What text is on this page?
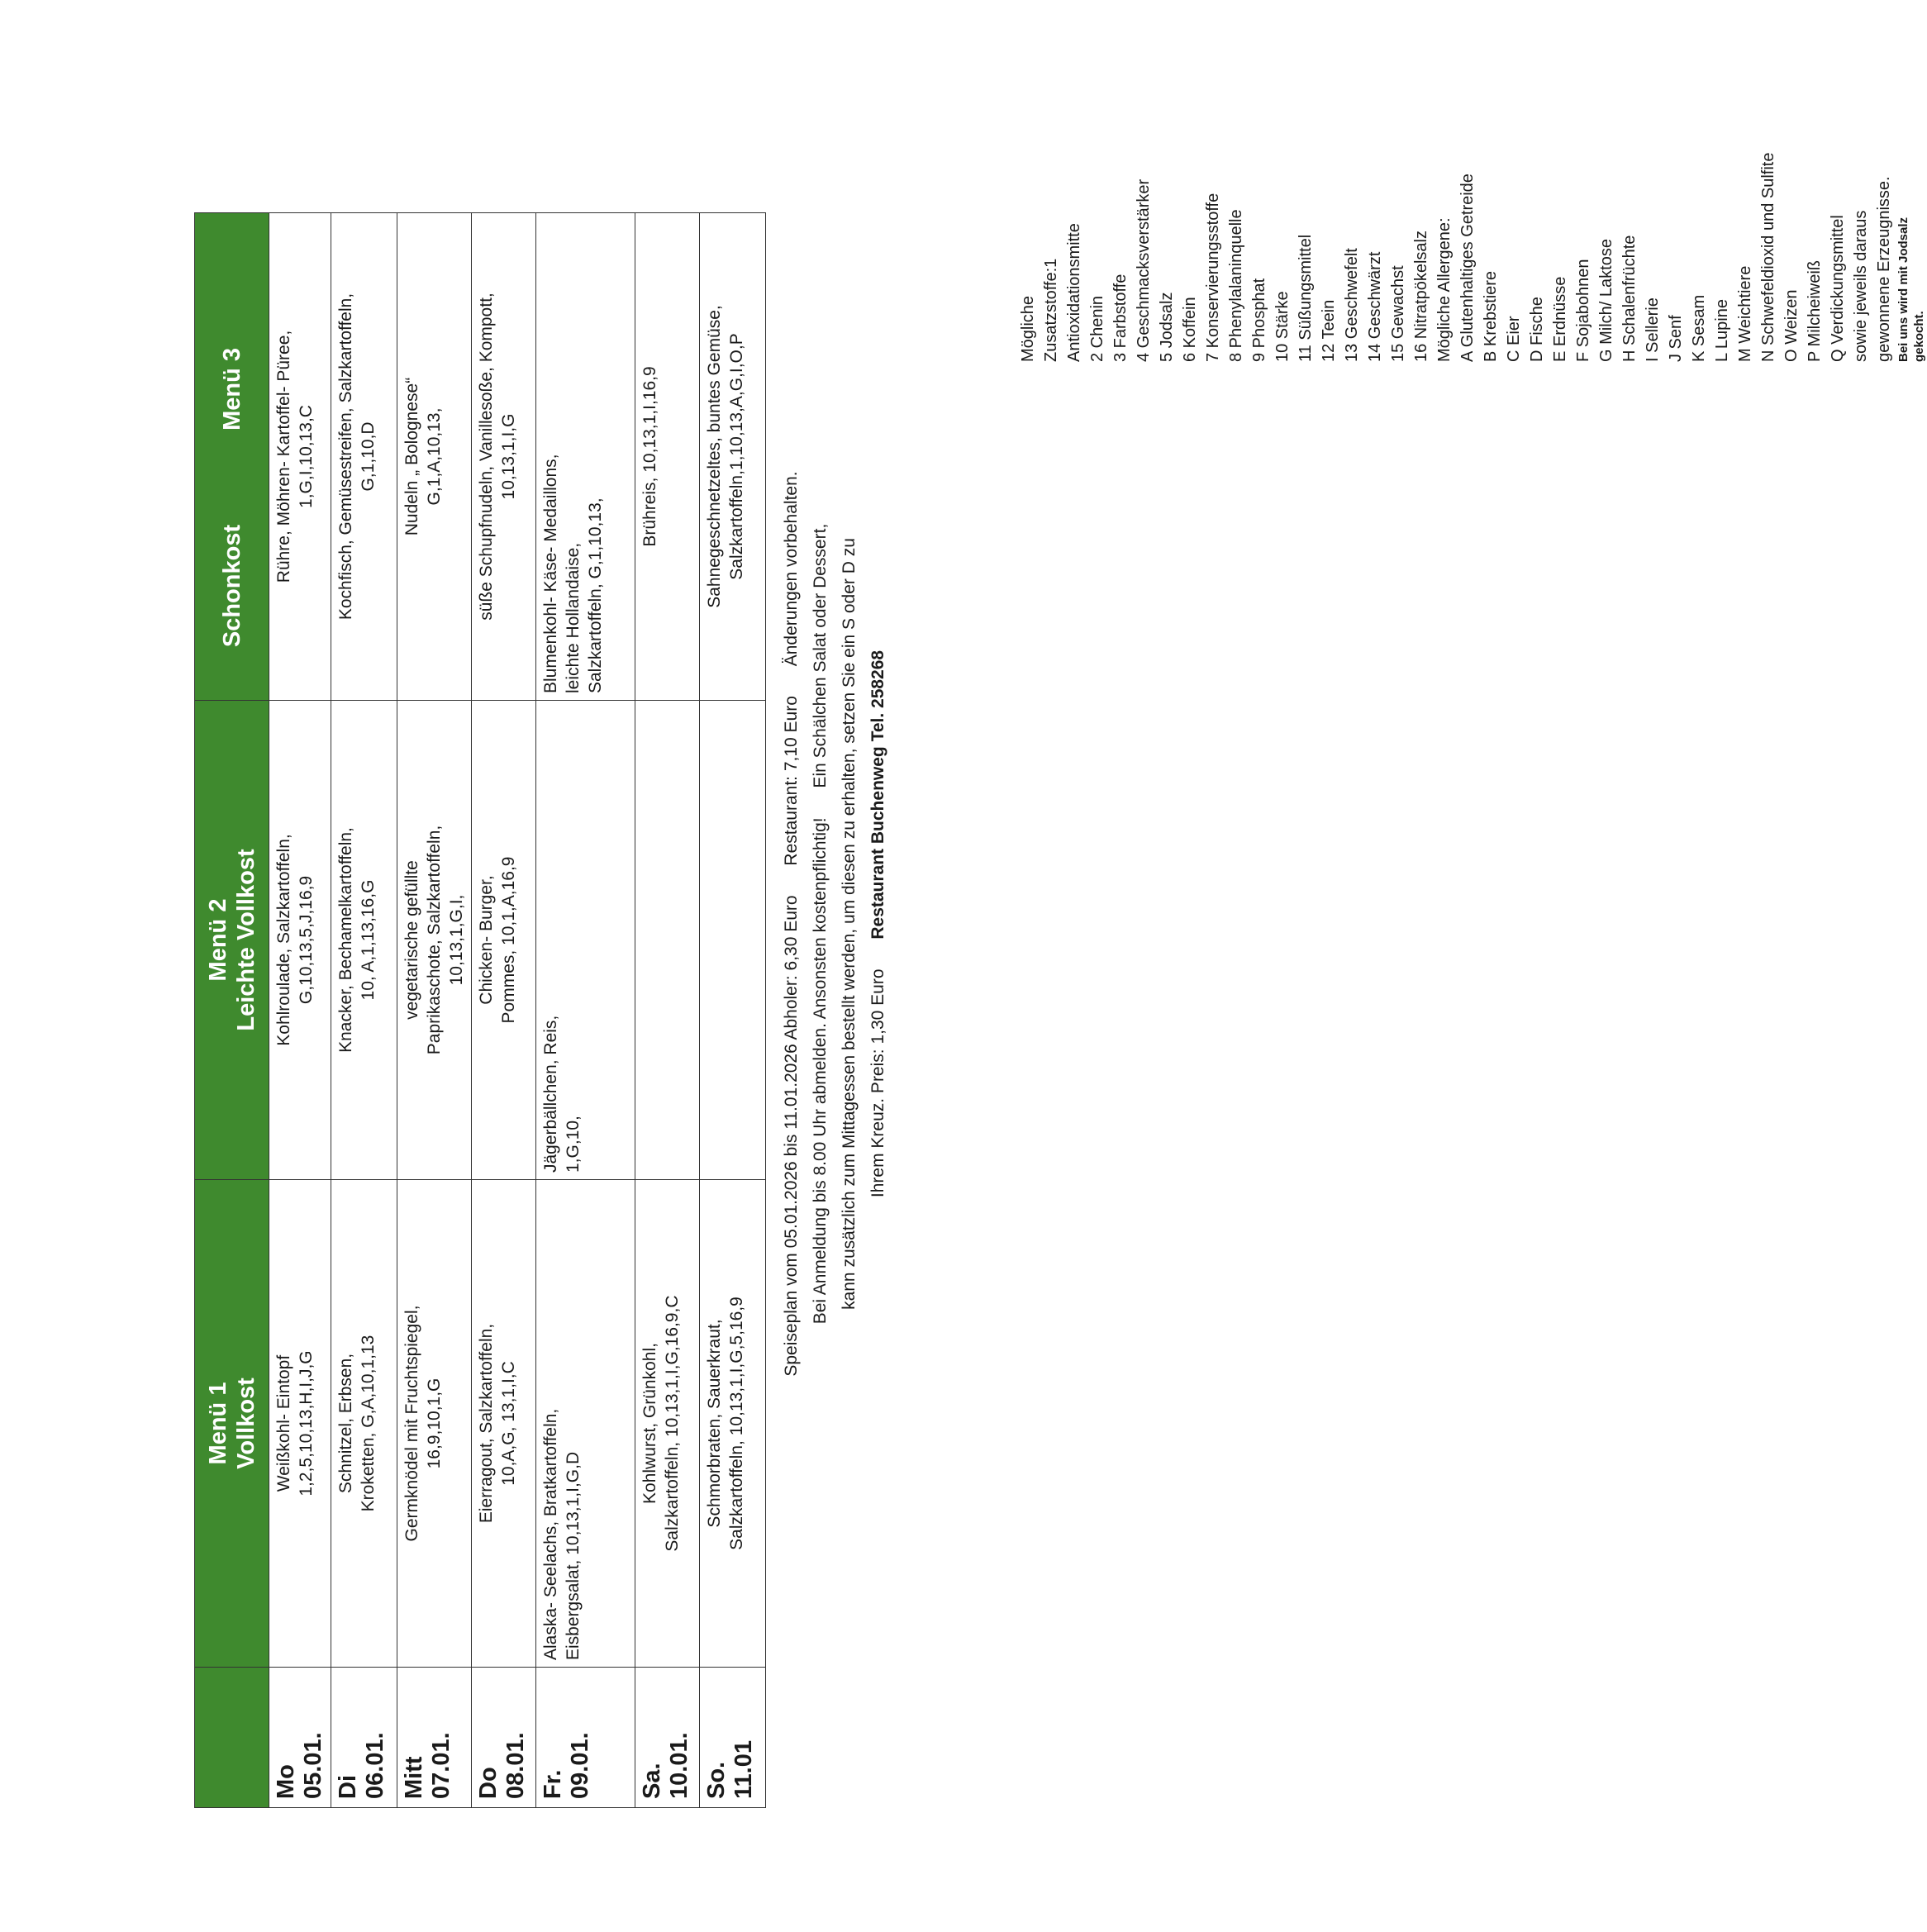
	Menü 1 Vollkost	Menü 2 Leichte Vollkost	Schonkost Menü 3

Mo 05.01.	Weißkohl- Eintopf 1,2,5,10,13,H,I,J,G	Kohlroulade, Salzkartoffeln, G,10,13,5,J,16,9	Rühre, Möhren- Kartoffel- Püree, 1,G,I,10,13,C

Di 06.01.	Schnitzel, Erbsen, Kroketten, G,A,10,1,13	Knacker, Bechamelkartoffeln, 10, A,1,13,16,G	Kochfisch, Gemüsestreifen, Salzkartoffeln, G,1,10,D

Mitt 07.01.	Germknödel mit Fruchtspiegel, 16,9,10,1,G	vegetarische gefüllte Paprikaschote, Salzkartoffeln, 10,13,1,G,I,	Nudeln „ Bolognese“ G,1,A,10,13,

Do 08.01.	Eierragout, Salzkartoffeln, 10,A,G, 13,1,I,C	Chicken- Burger, Pommes, 10,1,A,16,9	süße Schupfnudeln, Vanillesoße, Kompott, 10,13,1,I,G

Fr. 09.01.	Alaska- Seelachs, Bratkartoffeln, Eisbergsalat, 10,13,1,I,G,D	Jägerbällchen, Reis, 1,G,10,	Blumenkohl- Käse- Medaillons, leichte Hollandaise, Salzkartoffeln, G,1,10,13,

Sa. 10.01.	Kohlwurst, Grünkohl, Salzkartoffeln, 10,13,1,I,G,16,9,C		Brühreis, 10,13,1,I,16,9

So. 11.01	Schmorbraten, Sauerkraut, Salzkartoffeln, 10,13,1,I,G,5,16,9		Sahnegeschnetzeltes, buntes Gemüse, Salzkartoffeln,1,10,13,A,G,I,O,P
Speiseplan vom 05.01.2026 bis 11.01.2026 Abholer: 6,30 Euro Restaurant: 7,10 Euro Änderungen vorbehalten.
Bei Anmeldung bis 8.00 Uhr abmelden. Ansonsten kostenpflichtig! Ein Schälchen Salat oder Dessert, kann zusätzlich zum Mittagessen bestellt werden, um diesen zu erhalten, setzen Sie ein S oder D zu Ihrem Kreuz. Preis: 1,30 Euro Restaurant Buchenweg Tel. 258268
Mögliche Zusatzstoffe:1 Antioxidationsmitte 2 Chenin 3 Farbstoffe 4 Geschmacksverstärker 5 Jodsalz 6 Koffein 7 Konservierungsstoffe 8 Phenylalaninquelle 9 Phosphat 10 Stärke 11 Süßungsmittel 12 Teein 13 Geschwefelt 14 Geschwärzt 15 Gewachst 16 Nitratpökelsalz Mögliche Allergene: A Glutenhaltiges Getreide B Krebstiere C Eier D Fische E Erdnüsse F Sojabohnen G Milch/ Laktose H Schalenfrüchte I Sellerie J Senf K Sesam L Lupine M Weichtiere N Schwefeldioxid und Sulfite O Weizen P Milcheiweiß Q Verdickungsmittel sowie jeweils daraus gewonnene Erzeugnisse. Bei uns wird mit Jodsalz gekocht.
